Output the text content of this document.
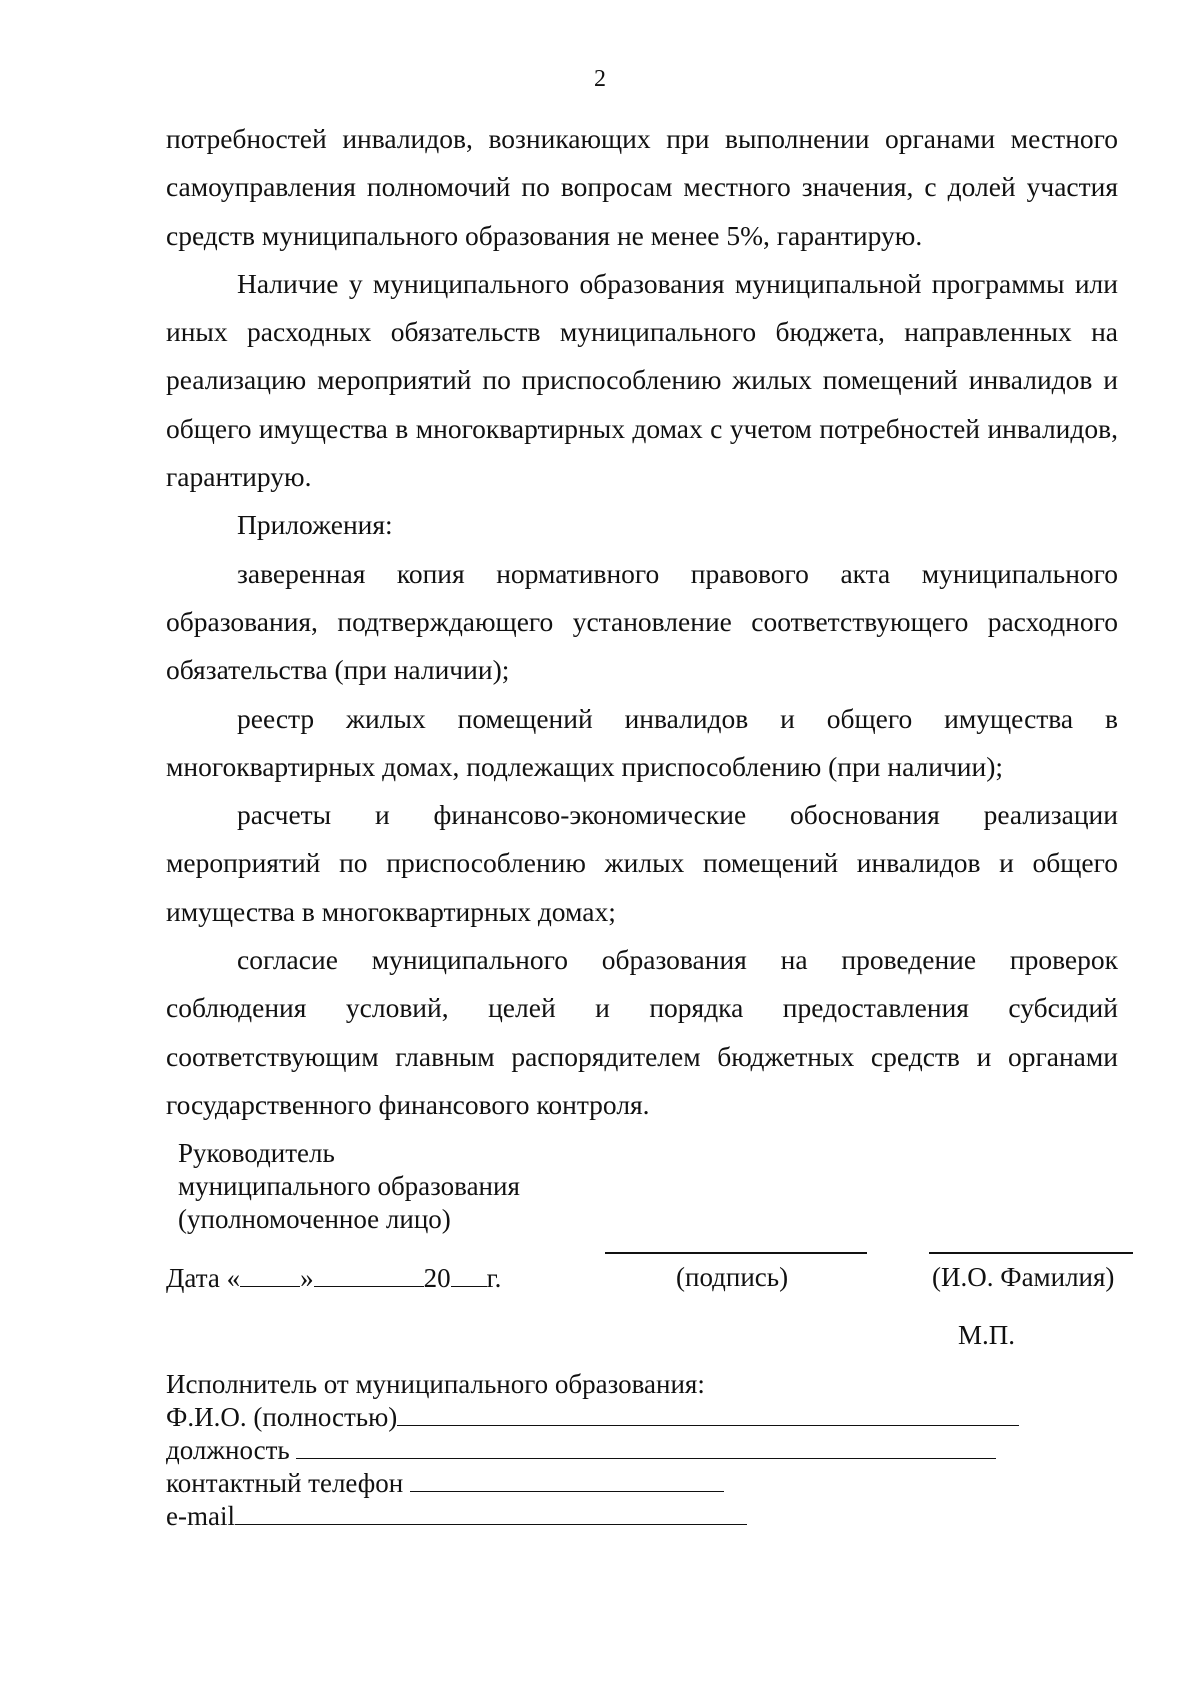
2

потребностей инвалидов, возникающих при выполнении органами местного самоуправления полномочий по вопросам местного значения, с долей участия средств муниципального образования не менее 5%, гарантирую.

Наличие у муниципального образования муниципальной программы или иных расходных обязательств муниципального бюджета, направленных на реализацию мероприятий по приспособлению жилых помещений инвалидов и общего имущества в многоквартирных домах с учетом потребностей инвалидов, гарантирую.

Приложения:

заверенная копия нормативного правового акта муниципального образования, подтверждающего установление соответствующего расходного обязательства (при наличии);

реестр жилых помещений инвалидов и общего имущества в многоквартирных домах, подлежащих приспособлению (при наличии);

расчеты и финансово-экономические обоснования реализации мероприятий по приспособлению жилых помещений инвалидов и общего имущества в многоквартирных домах;

согласие муниципального образования на проведение проверок соблюдения условий, целей и порядка предоставления субсидий соответствующим главным распорядителем бюджетных средств и органами государственного финансового контроля.

Руководитель
муниципального образования
(уполномоченное лицо)
(подпись)	(И.О. Фамилия)
Дата « »	20 г.
М.П.
Исполнитель от муниципального образования:
Ф.И.О. (полностью)
должность
контактный телефон
e-mail
